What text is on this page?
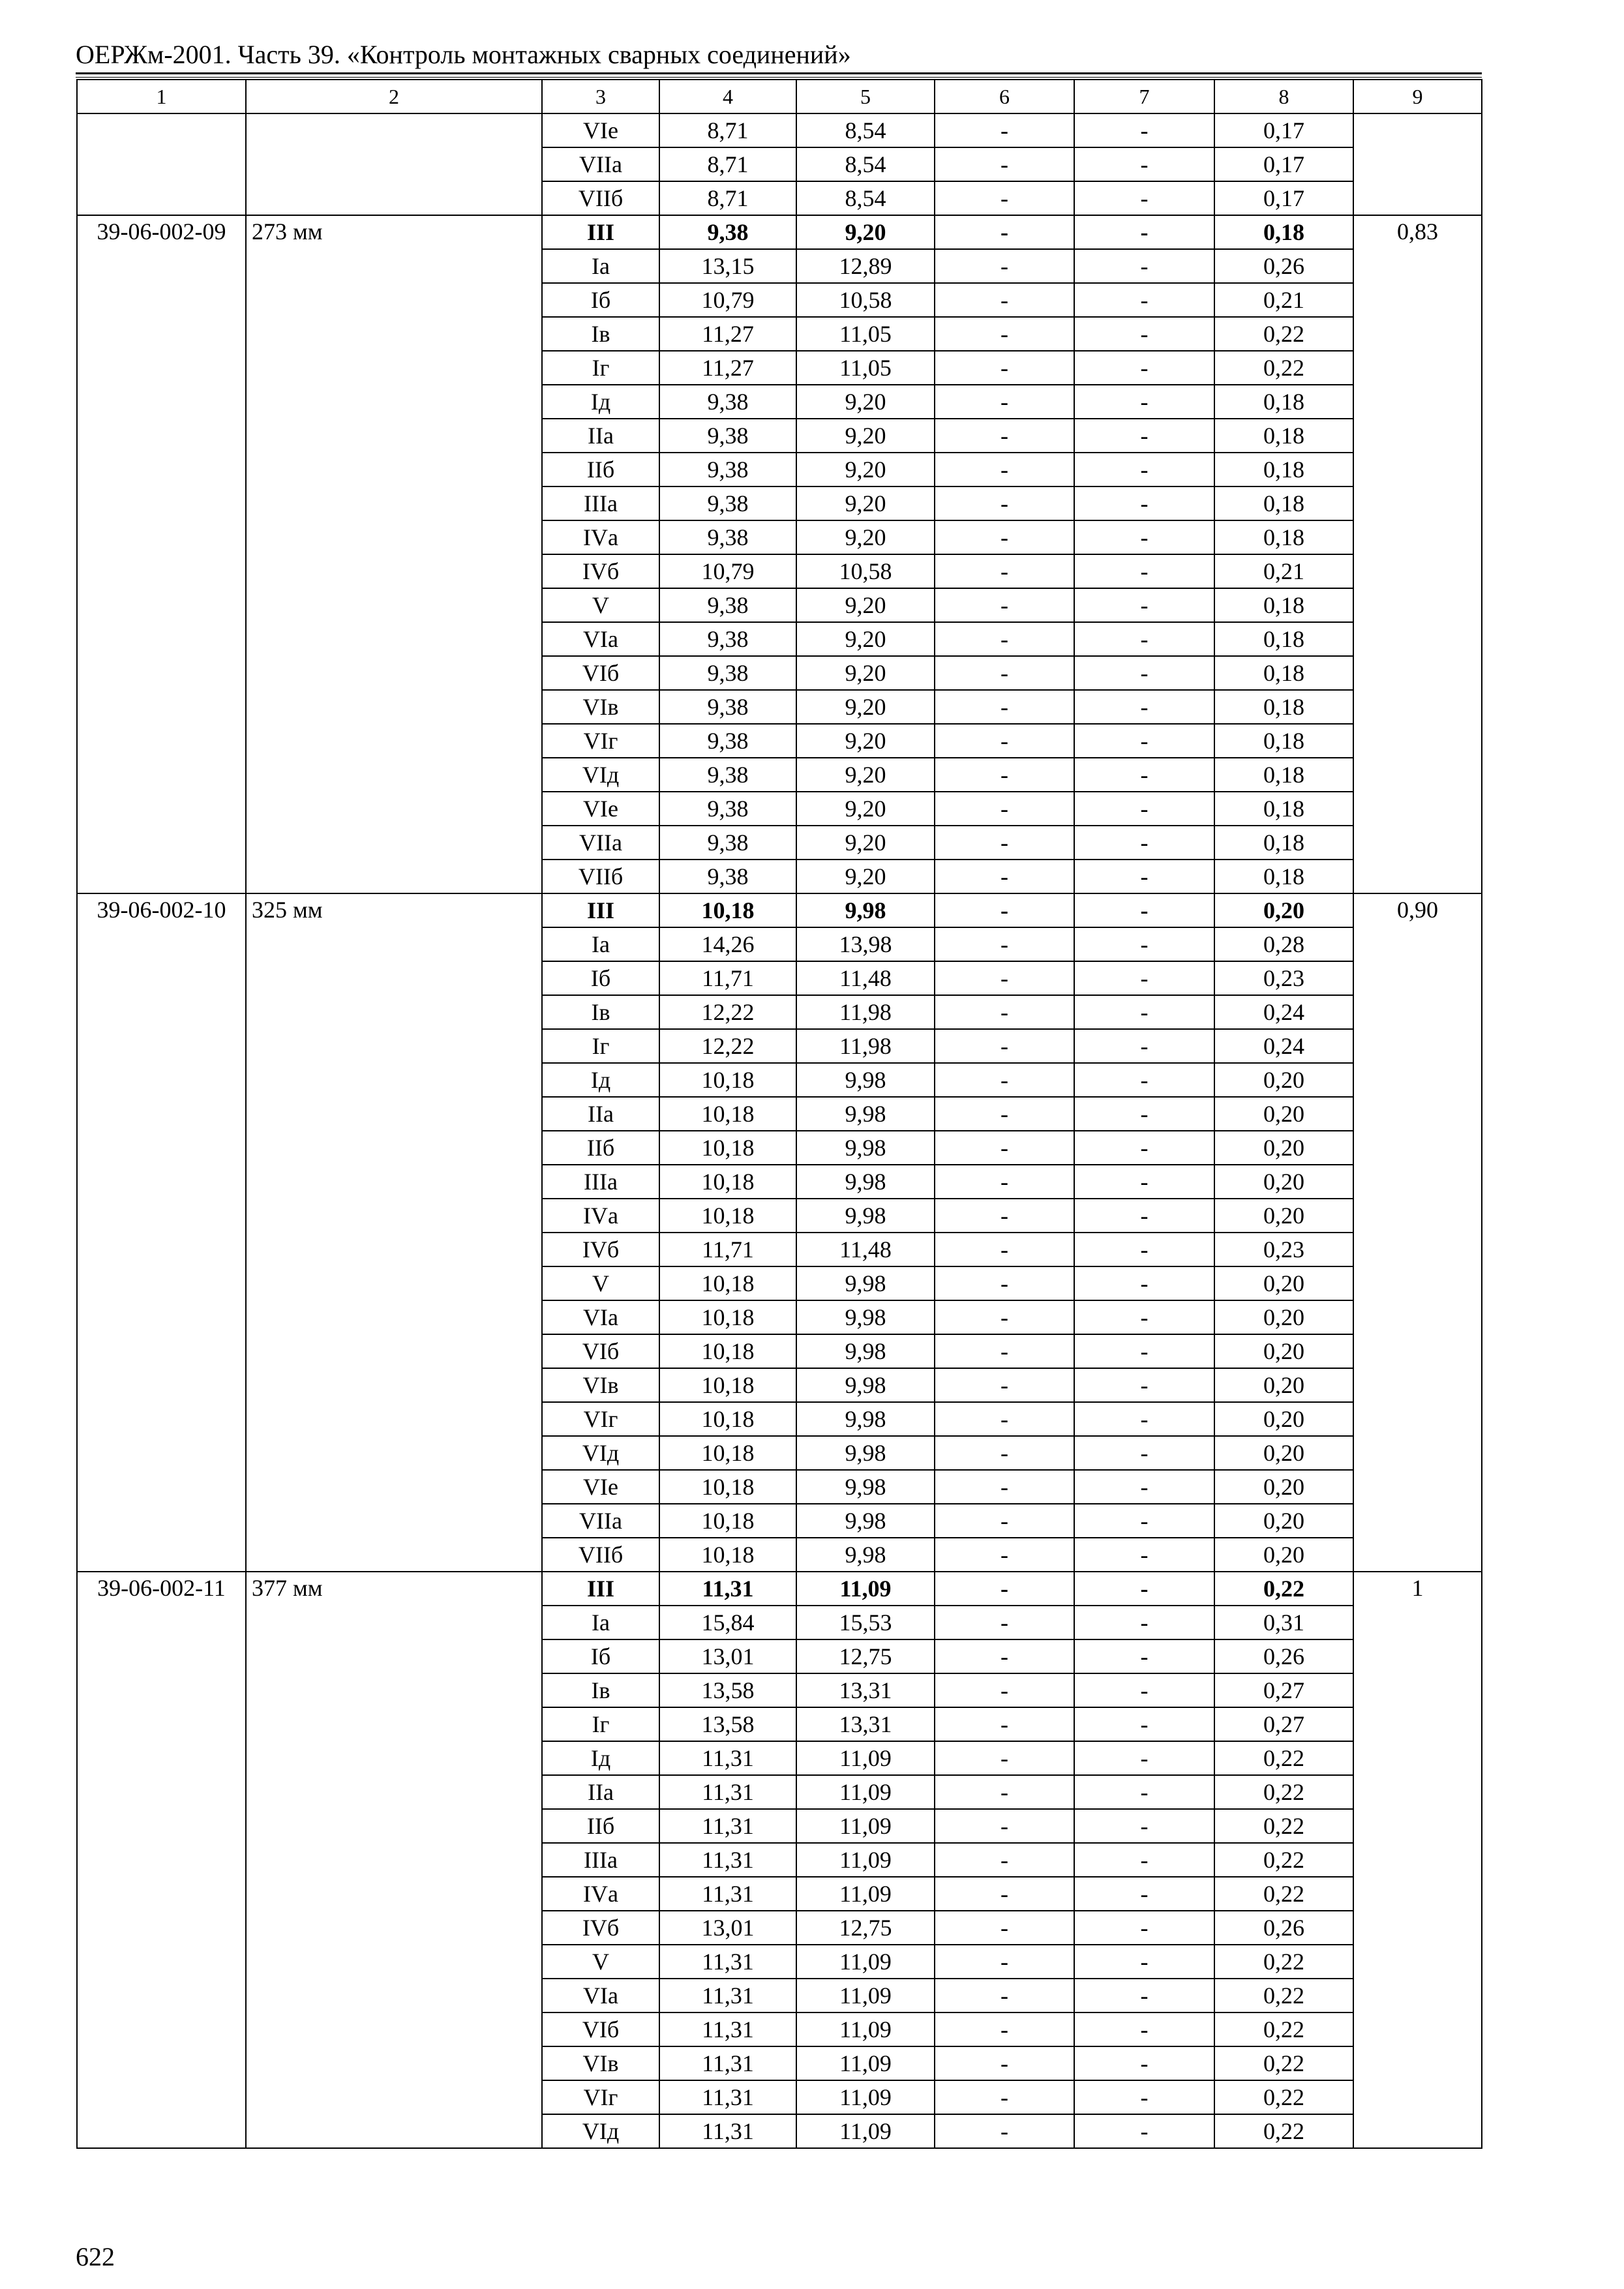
ОЕРЖм-2001. Часть 39. «Контроль монтажных сварных соединений»
1	2	3	4	5	6	7	8	9
		VIе	8,71	8,54	-	-	0,17	
		VIIа	8,71	8,54	-	-	0,17	
		VIIб	8,71	8,54	-	-	0,17	
39-06-002-09	273 мм	III	9,38	9,20	-	-	0,18	0,83
		Iа	13,15	12,89	-	-	0,26	
		Iб	10,79	10,58	-	-	0,21	
		Iв	11,27	11,05	-	-	0,22	
		Iг	11,27	11,05	-	-	0,22	
		Iд	9,38	9,20	-	-	0,18	
		IIа	9,38	9,20	-	-	0,18	
		IIб	9,38	9,20	-	-	0,18	
		IIIа	9,38	9,20	-	-	0,18	
		IVа	9,38	9,20	-	-	0,18	
		IVб	10,79	10,58	-	-	0,21	
		V	9,38	9,20	-	-	0,18	
		VIа	9,38	9,20	-	-	0,18	
		VIб	9,38	9,20	-	-	0,18	
		VIв	9,38	9,20	-	-	0,18	
		VIг	9,38	9,20	-	-	0,18	
		VIд	9,38	9,20	-	-	0,18	
		VIе	9,38	9,20	-	-	0,18	
		VIIа	9,38	9,20	-	-	0,18	
		VIIб	9,38	9,20	-	-	0,18	
39-06-002-10	325 мм	III	10,18	9,98	-	-	0,20	0,90
		Iа	14,26	13,98	-	-	0,28	
		Iб	11,71	11,48	-	-	0,23	
		Iв	12,22	11,98	-	-	0,24	
		Iг	12,22	11,98	-	-	0,24	
		Iд	10,18	9,98	-	-	0,20	
		IIа	10,18	9,98	-	-	0,20	
		IIб	10,18	9,98	-	-	0,20	
		IIIа	10,18	9,98	-	-	0,20	
		IVа	10,18	9,98	-	-	0,20	
		IVб	11,71	11,48	-	-	0,23	
		V	10,18	9,98	-	-	0,20	
		VIа	10,18	9,98	-	-	0,20	
		VIб	10,18	9,98	-	-	0,20	
		VIв	10,18	9,98	-	-	0,20	
		VIг	10,18	9,98	-	-	0,20	
		VIд	10,18	9,98	-	-	0,20	
		VIе	10,18	9,98	-	-	0,20	
		VIIа	10,18	9,98	-	-	0,20	
		VIIб	10,18	9,98	-	-	0,20	
39-06-002-11	377 мм	III	11,31	11,09	-	-	0,22	1
		Iа	15,84	15,53	-	-	0,31	
		Iб	13,01	12,75	-	-	0,26	
		Iв	13,58	13,31	-	-	0,27	
		Iг	13,58	13,31	-	-	0,27	
		Iд	11,31	11,09	-	-	0,22	
		IIа	11,31	11,09	-	-	0,22	
		IIб	11,31	11,09	-	-	0,22	
		IIIа	11,31	11,09	-	-	0,22	
		IVа	11,31	11,09	-	-	0,22	
		IVб	13,01	12,75	-	-	0,26	
		V	11,31	11,09	-	-	0,22	
		VIа	11,31	11,09	-	-	0,22	
		VIб	11,31	11,09	-	-	0,22	
		VIв	11,31	11,09	-	-	0,22	
		VIг	11,31	11,09	-	-	0,22	
		VIд	11,31	11,09	-	-	0,22	
622
